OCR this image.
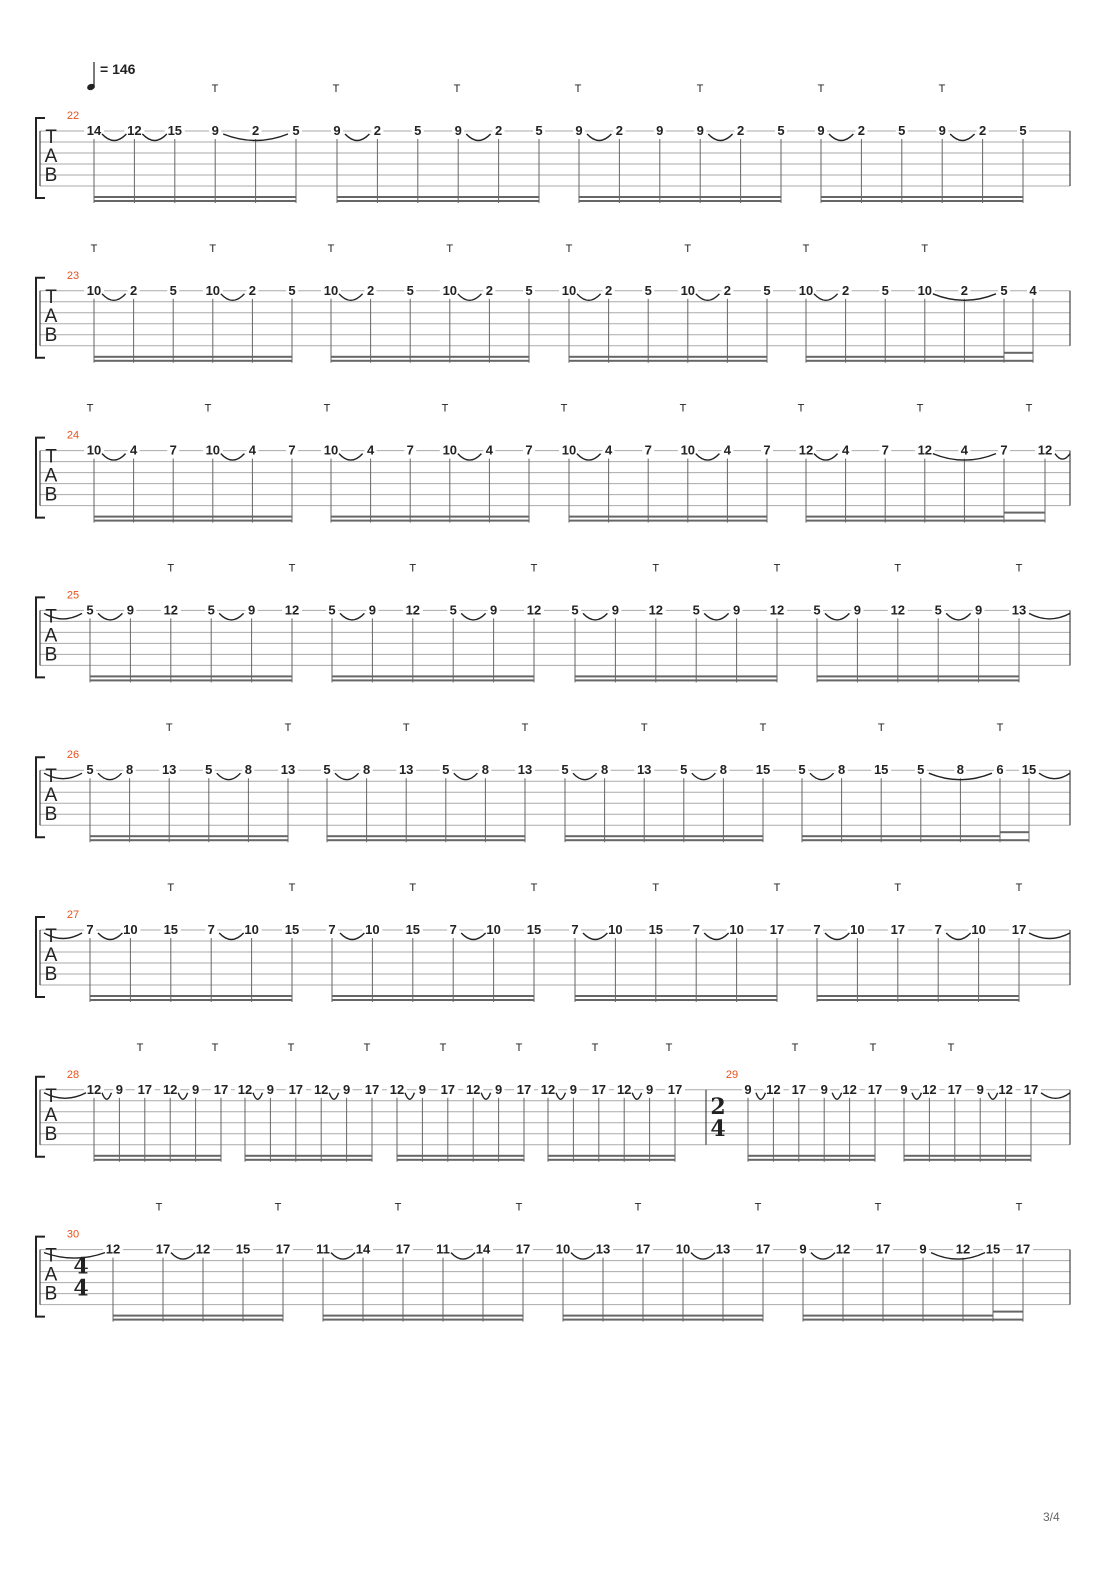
= 146
T
A
B
22
T	T	T	T	T	T	T
14 12 15 9	2	5	9	2	5	9	2	5	9	2	9	9	2	5	9	2	5	9	2	5
T
A
B
23
T	T	T	T	T	T	T	T
10 2 5 10 2 5 10 2 5 10 2 5 10 2 5 10 2 5 10 2 5 10 2 5 4
T
A
B
24
T	T	T	T	T	T	T	T	T
10 4 7 10 4 7 10 4 7 10 4 7 10 4 7 10 4 7 12 4 7 12 4 7 12
T
A
B
25
T	T	T	T	T	T	T	T
5	9 12 5	9 12 5	9 12 5	9 12 5	9 12 5	9 12 5	9 12 5	9 13
T
A
B
26
T	T	T	T	T	T	T	T
5 8 13 5 8 13 5 8 13 5 8 13 5 8 13 5 8 15 5 8 15 5 8 6 15
T
A
B
27
T	T	T	T	T	T	T	T
7 10 15 7 10 15 7 10 15 7 10 15 7 10 15 7 10 17 7 10 17 7 10 17
T
A
B
28
T	T	T	T	T	T	T	T	T	T	T
29
2
4
12 9 17 12 9 17 12 9 17 12 9 17 12 9 17 12 9 17 12 9 17 12 9 17	9 12 17 9 12 17 9 12 17 9 12 17
T
A
B
30
T	T	T	T	T	T	T	T
4
4
12	17 12 15 17 11 14 17 11 14 17 10 13 17 10 13 17 9 12 17 9 12 15 17
3/4
